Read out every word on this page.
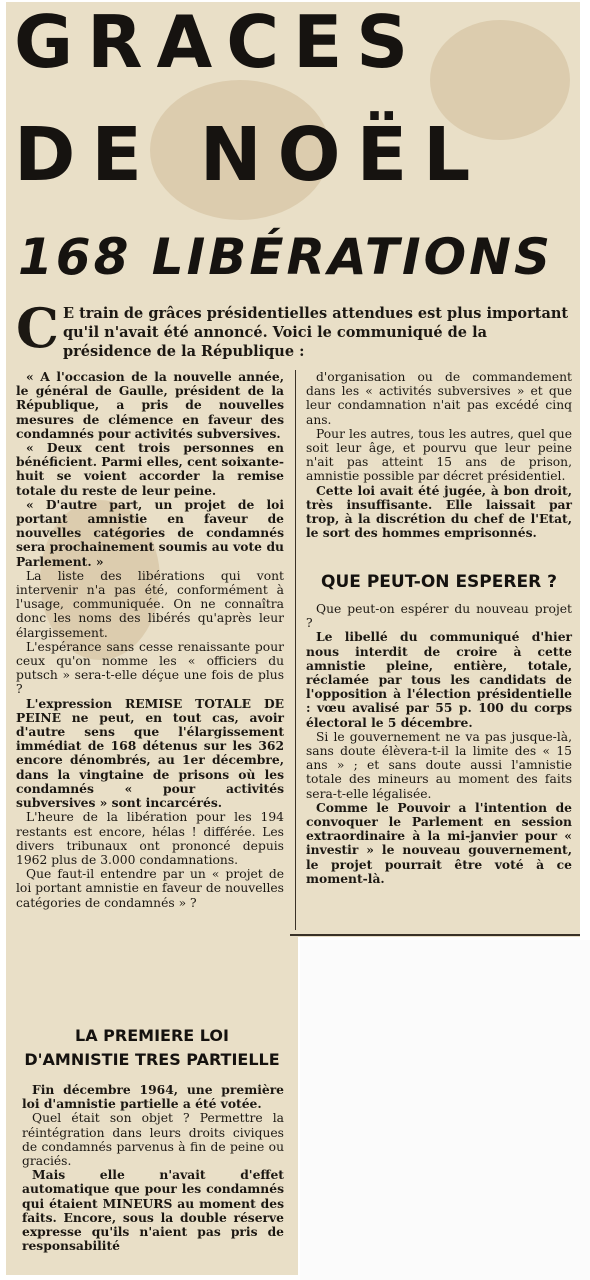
GRACES
DE NOËL
168 LIBÉRATIONS
C E train de grâces présidentielles attendues est plus important qu'il n'avait été annoncé. Voici le communiqué de la présidence de la République :

« A l'occasion de la nouvelle année, le général de Gaulle, président de la République, a pris de nouvelles mesures de clémence en faveur des condamnés pour activités subversives.

« Deux cent trois personnes en bénéficient. Parmi elles, cent soixante-huit se voient accorder la remise totale du reste de leur peine.

« D'autre part, un projet de loi portant amnistie en faveur de nouvelles catégories de condamnés sera prochainement soumis au vote du Parlement. »

La liste des libérations qui vont intervenir n'a pas été, conformément à l'usage, communiquée. On ne connaîtra donc les noms des libérés qu'après leur élargissement.

L'espérance sans cesse renaissante pour ceux qu'on nomme les « officiers du putsch » sera-t-elle déçue une fois de plus ?

L'expression REMISE TOTALE DE PEINE ne peut, en tout cas, avoir d'autre sens que l'élargissement immédiat de 168 détenus sur les 362 encore dénombrés, au 1er décembre, dans la vingtaine de prisons où les condamnés « pour activités subversives » sont incarcérés.

L'heure de la libération pour les 194 restants est encore, hélas ! différée. Les divers tribunaux ont prononcé depuis 1962 plus de 3.000 condamnations.

Que faut-il entendre par un « projet de loi portant amnistie en faveur de nouvelles catégories de condamnés » ?

d'organisation ou de commandement dans les « activités subversives » et que leur condamnation n'ait pas excédé cinq ans.

Pour les autres, tous les autres, quel que soit leur âge, et pourvu que leur peine n'ait pas atteint 15 ans de prison, amnistie possible par décret présidentiel.

Cette loi avait été jugée, à bon droit, très insuffisante. Elle laissait par trop, à la discrétion du chef de l'Etat, le sort des hommes emprisonnés.

QUE PEUT-ON ESPERER ?

Que peut-on espérer du nouveau projet ?

Le libellé du communiqué d'hier nous interdit de croire à cette amnistie pleine, entière, totale, réclamée par tous les candidats de l'opposition à l'élection présidentielle : vœu avalisé par 55 p. 100 du corps électoral le 5 décembre.

Si le gouvernement ne va pas jusque-là, sans doute élèvera-t-il la limite des « 15 ans » ; et sans doute aussi l'amnistie totale des mineurs au moment des faits sera-t-elle légalisée.

Comme le Pouvoir a l'intention de convoquer le Parlement en session extraordinaire à la mi-janvier pour « investir » le nouveau gouvernement, le projet pourrait être voté à ce moment-là.

LA PREMIERE LOI
D'AMNISTIE TRES PARTIELLE

Fin décembre 1964, une première loi d'amnistie partielle a été votée.

Quel était son objet ? Permettre la réintégration dans leurs droits civiques de condamnés parvenus à fin de peine ou graciés.

Mais elle n'avait d'effet automatique que pour les condamnés qui étaient MINEURS au moment des faits. Encore, sous la double réserve expresse qu'ils n'aient pas pris de responsabilité
